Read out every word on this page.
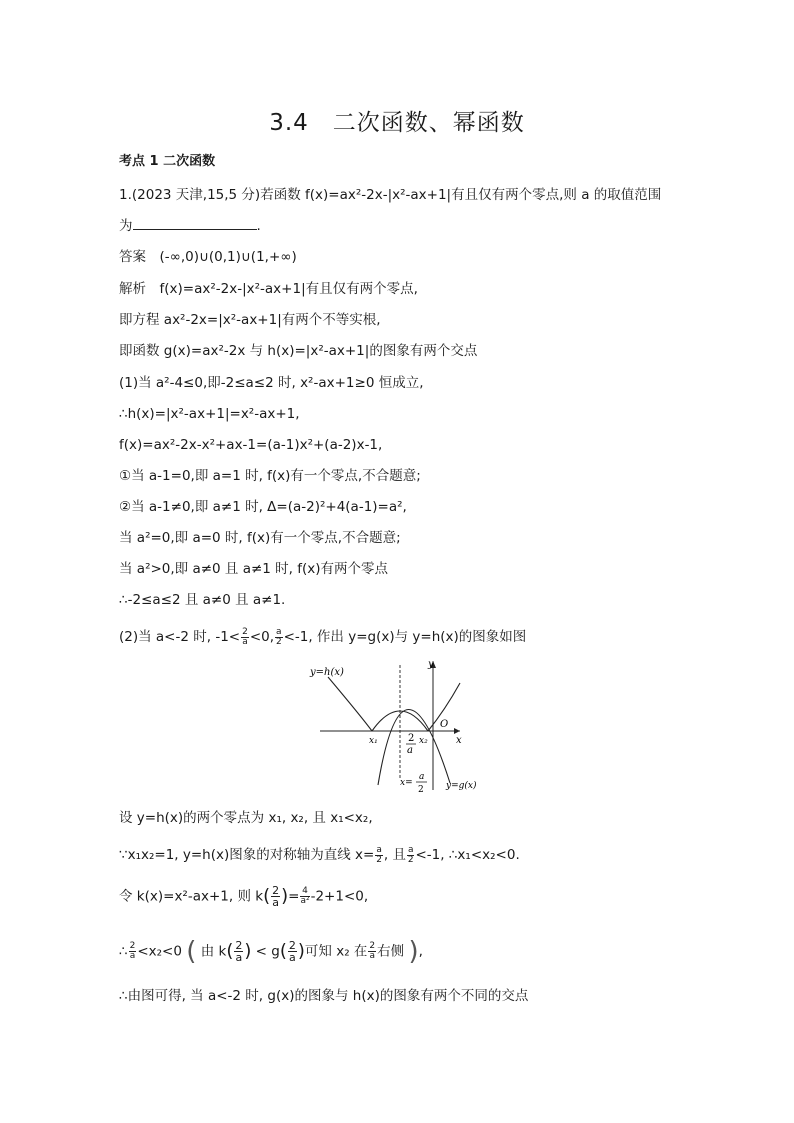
3.4　二次函数、幂函数
考点 1 二次函数
1.(2023 天津,15,5 分)若函数 f(x)=ax²-2x-|x²-ax+1|有且仅有两个零点,则 a 的取值范围
为	.
答案　(-∞,0)∪(0,1)∪(1,+∞)
解析　f(x)=ax²-2x-|x²-ax+1|有且仅有两个零点,
即方程 ax²-2x=|x²-ax+1|有两个不等实根,
即函数 g(x)=ax²-2x 与 h(x)=|x²-ax+1|的图象有两个交点
(1)当 a²-4≤0,即-2≤a≤2 时, x²-ax+1≥0 恒成立,
∴h(x)=|x²-ax+1|=x²-ax+1,
f(x)=ax²-2x-x²+ax-1=(a-1)x²+(a-2)x-1,
①当 a-1=0,即 a=1 时, f(x)有一个零点,不合题意;
②当 a-1≠0,即 a≠1 时, Δ=(a-2)²+4(a-1)=a²,
当 a²=0,即 a=0 时, f(x)有一个零点,不合题意;
当 a²>0,即 a≠0 且 a≠1 时, f(x)有两个零点
∴-2≤a≤2 且 a≠0 且 a≠1.
(2)当 a<-2 时, $-1< \frac{2}{a} <0$, $\frac{a}{2} <-1$, 作出 y=g(x)与 y=h(x)的图象如图
y=h(x)
y
O
x
x₁	x₂
2
a
x=
a
2 y=g(x)
设 y=h(x)的两个零点为 x₁, x₂, 且 x₁<x₂,
∵x₁x₂=1, y=h(x)图象的对称轴为直线 $x= \frac{a}{2}$ , 且 $\frac{a}{2} <-1$, ∴x₁<x₂<0.
令 k(x)=x²-ax+1, 则 $k( \frac{2}{a}$ )= $\frac{4}{\text{a²}} -2+1<0$,
∴ $\frac{2}{a} <x_2<0$ ( 由 $k( \frac{2}{a}$ ) < $g( \frac{2}{a}$ )可知 x₂ 在 $\frac{2}{a}$ 右侧 ),
∴由图可得, 当 a<-2 时, g(x)的图象与 h(x)的图象有两个不同的交点
